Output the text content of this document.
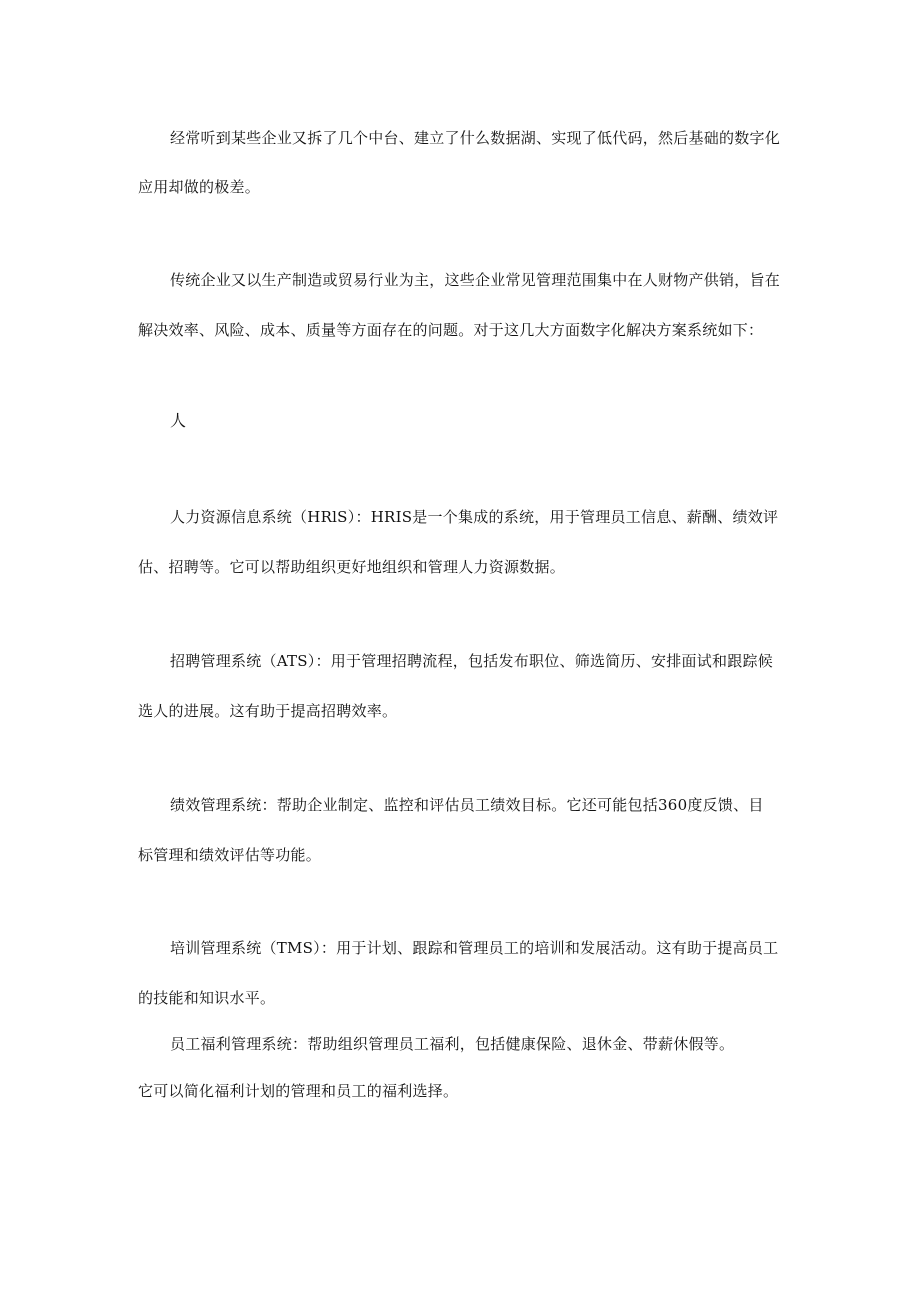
经常听到某些企业又拆了几个中台、建立了什么数据湖、实现了低代码，然后基础的数字化
应用却做的极差。
传统企业又以生产制造或贸易行业为主，这些企业常见管理范围集中在人财物产供销，旨在
解决效率、风险、成本、质量等方面存在的问题。对于这几大方面数字化解决方案系统如下：
人
人力资源信息系统（HRlS）：HRIS是一个集成的系统，用于管理员工信息、薪酬、绩效评
估、招聘等。它可以帮助组织更好地组织和管理人力资源数据。
招聘管理系统（ATS）：用于管理招聘流程，包括发布职位、筛选简历、安排面试和跟踪候
选人的进展。这有助于提高招聘效率。
绩效管理系统：帮助企业制定、监控和评估员工绩效目标。它还可能包括360度反馈、目
标管理和绩效评估等功能。
培训管理系统（TMS）：用于计划、跟踪和管理员工的培训和发展活动。这有助于提高员工
的技能和知识水平。
员工福利管理系统：帮助组织管理员工福利，包括健康保险、退休金、带薪休假等。
它可以简化福利计划的管理和员工的福利选择。
